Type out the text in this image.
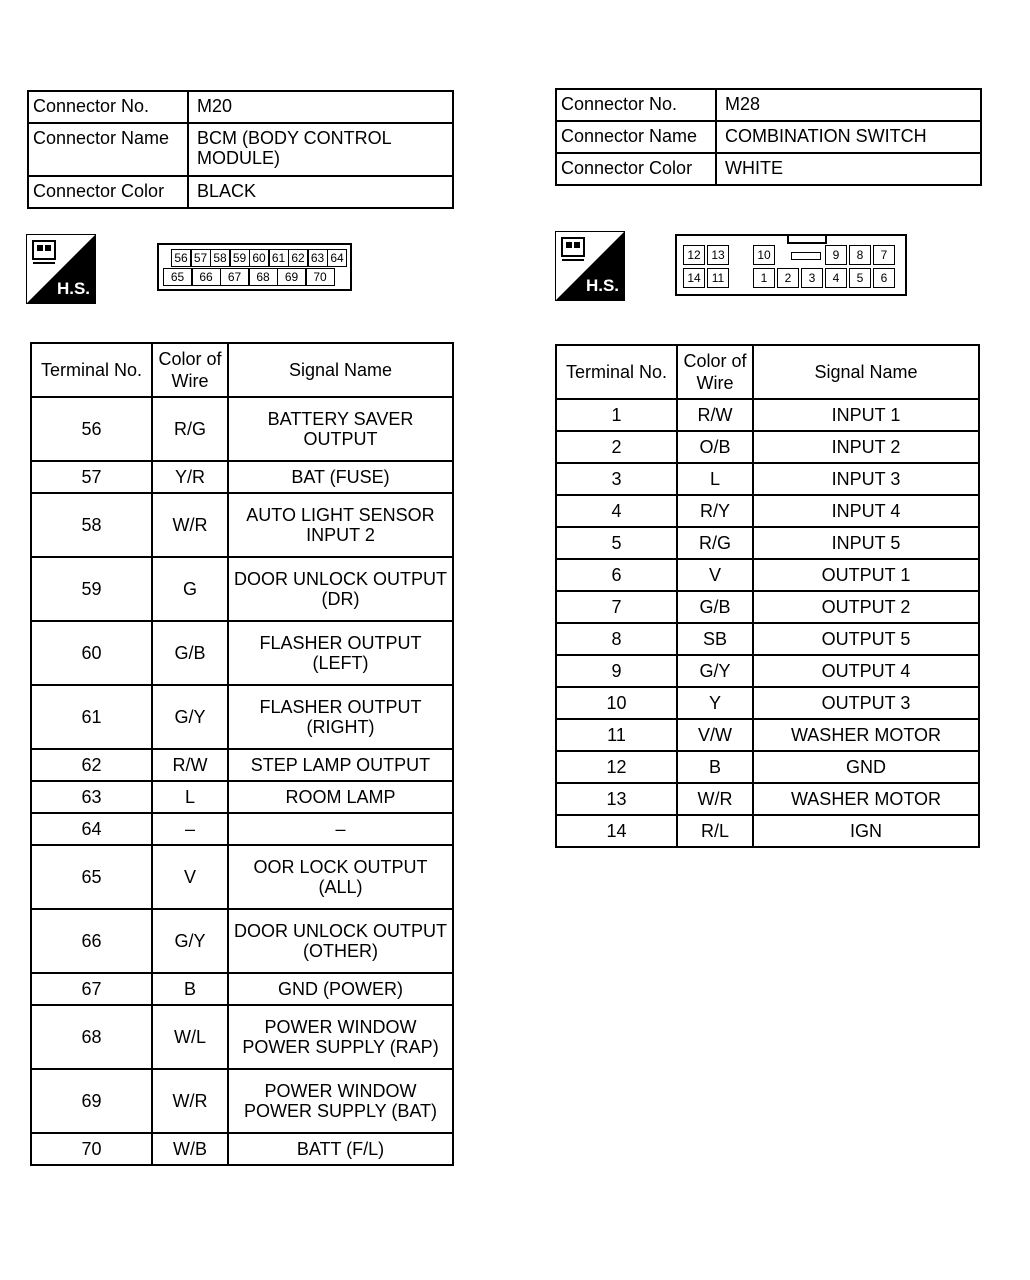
Connector No.	M20
Connector Name	BCM (BODY CONTROL MODULE)
Connector Color	BLACK
H.S.
56 57 58 59 60 61 62 63 64
65	66	67	68	69	70
Terminal No.	Color of Wire	Signal Name
56	R/G	BATTERY SAVER OUTPUT
57	Y/R	BAT (FUSE)
58	W/R	AUTO LIGHT SENSOR INPUT 2
59	G	DOOR UNLOCK OUTPUT (DR)
60	G/B	FLASHER OUTPUT (LEFT)
61	G/Y	FLASHER OUTPUT (RIGHT)
62	R/W	STEP LAMP OUTPUT
63	L	ROOM LAMP
64	–	–
65	V	OOR LOCK OUTPUT (ALL)
66	G/Y	DOOR UNLOCK OUTPUT (OTHER)
67	B	GND (POWER)
68	W/L	POWER WINDOW POWER SUPPLY (RAP)
69	W/R	POWER WINDOW POWER SUPPLY (BAT)
70	W/B	BATT (F/L)
Connector No.	M28
Connector Name	COMBINATION SWITCH
Connector Color	WHITE
H.S.
12 13	10	9	8	7
14 11	1	2	3	4	5	6
Terminal No.	Color of Wire	Signal Name
1	R/W	INPUT 1
2	O/B	INPUT 2
3	L	INPUT 3
4	R/Y	INPUT 4
5	R/G	INPUT 5
6	V	OUTPUT 1
7	G/B	OUTPUT 2
8	SB	OUTPUT 5
9	G/Y	OUTPUT 4
10	Y	OUTPUT 3
11	V/W	WASHER MOTOR
12	B	GND
13	W/R	WASHER MOTOR
14	R/L	IGN
